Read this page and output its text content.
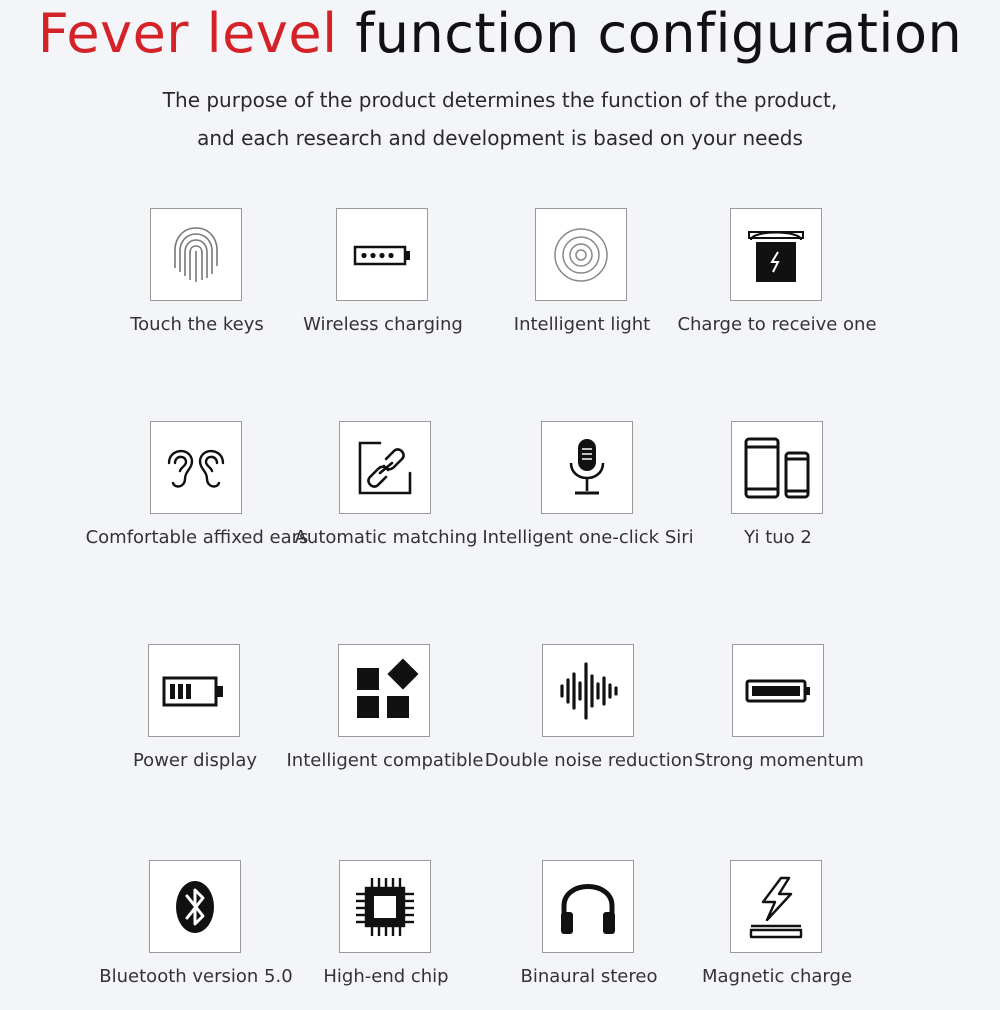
Fever level function configuration
The purpose of the product determines the function of the product,
and each research and development is based on your needs
Touch the keys	Wireless charging	Intelligent light	Charge to receive one
Comfortable affixed ears
Automatic matching Intelligent one-click Siri	Yi tuo 2
Power display	Intelligent compatible Double noise reduction Strong momentum
Bluetooth version 5.0	High-end chip	Binaural stereo	Magnetic charge
